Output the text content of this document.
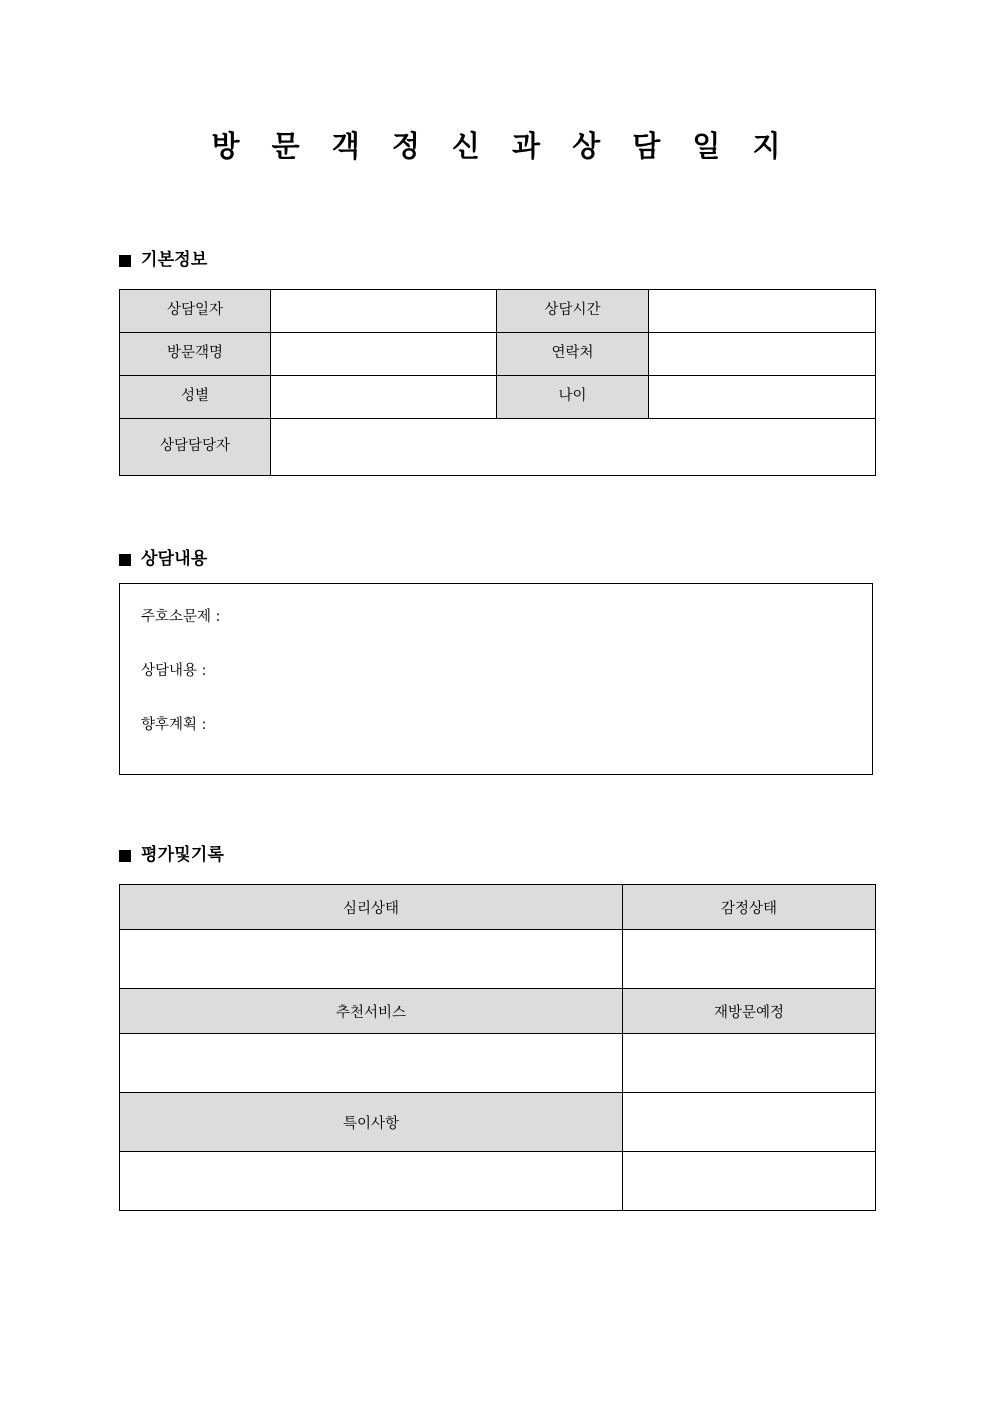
방 문 객 정 신 과 상 담 일 지
기본정보
상담일자		상담시간	
방문객명		연락처	
성별		나이	
상담담당자			
상담내용
주호소문제 :
상담내용 :
향후계획 :
평가및기록
심리상태	감정상태

추천서비스	재방문예정

특이사항	
